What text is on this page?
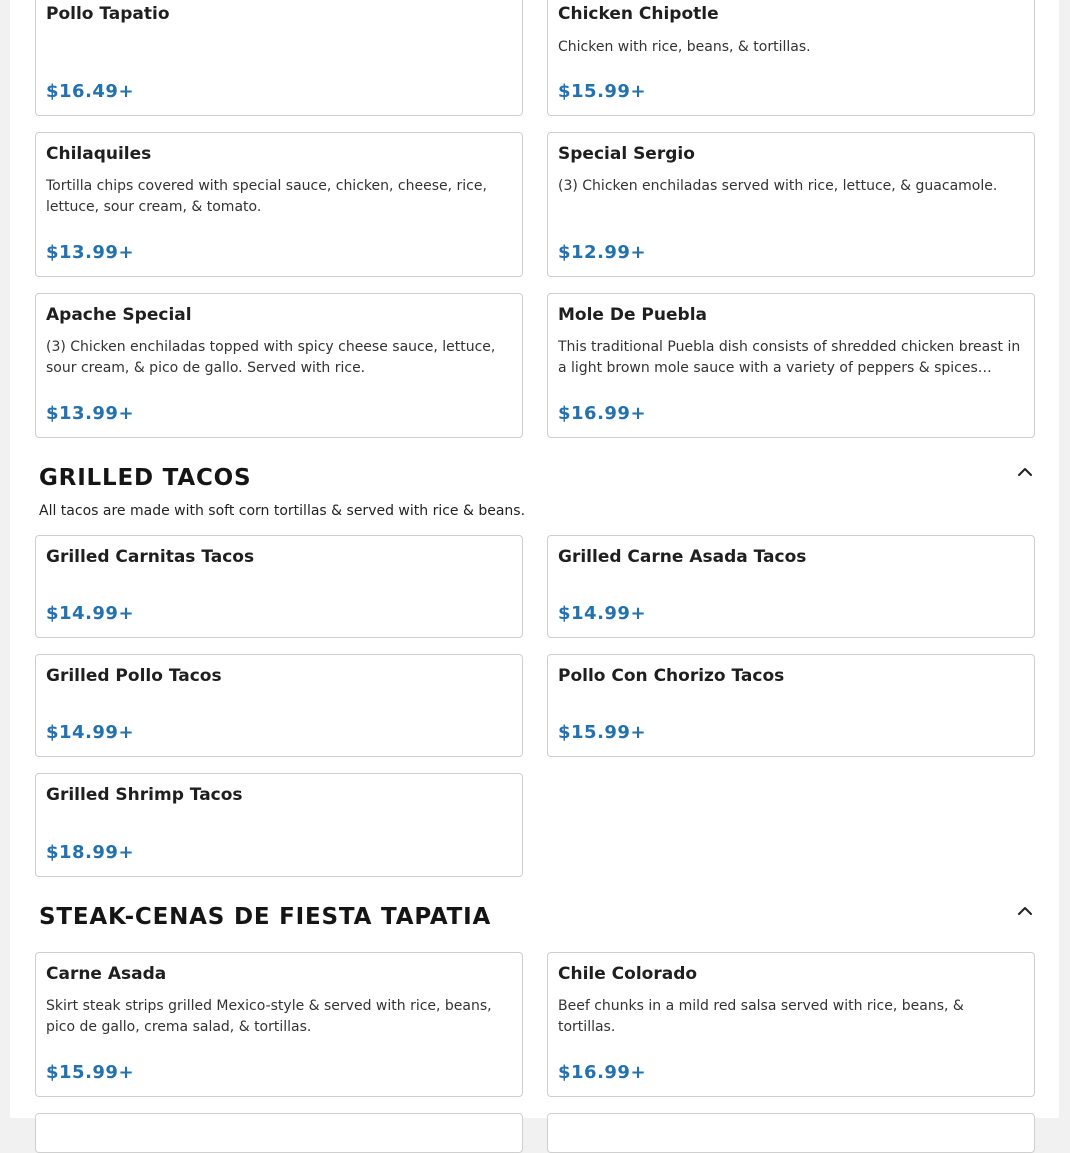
Pollo Tapatio
$16.49+
Chicken Chipotle
Chicken with rice, beans, & tortillas.
$15.99+
Chilaquiles
Tortilla chips covered with special sauce, chicken, cheese, rice, lettuce, sour cream, & tomato.
$13.99+
Special Sergio
(3) Chicken enchiladas served with rice, lettuce, & guacamole.
$12.99+
Apache Special
(3) Chicken enchiladas topped with spicy cheese sauce, lettuce, sour cream, & pico de gallo. Served with rice.
$13.99+
Mole De Puebla
This traditional Puebla dish consists of shredded chicken breast in a light brown mole sauce with a variety of peppers & spices…
$16.99+
GRILLED TACOS
All tacos are made with soft corn tortillas & served with rice & beans.
Grilled Carnitas Tacos
$14.99+
Grilled Carne Asada Tacos
$14.99+
Grilled Pollo Tacos
$14.99+
Pollo Con Chorizo Tacos
$15.99+
Grilled Shrimp Tacos
$18.99+
STEAK-CENAS DE FIESTA TAPATIA
Carne Asada
Skirt steak strips grilled Mexico-style & served with rice, beans, pico de gallo, crema salad, & tortillas.
$15.99+
Chile Colorado
Beef chunks in a mild red salsa served with rice, beans, & tortillas.
$16.99+
